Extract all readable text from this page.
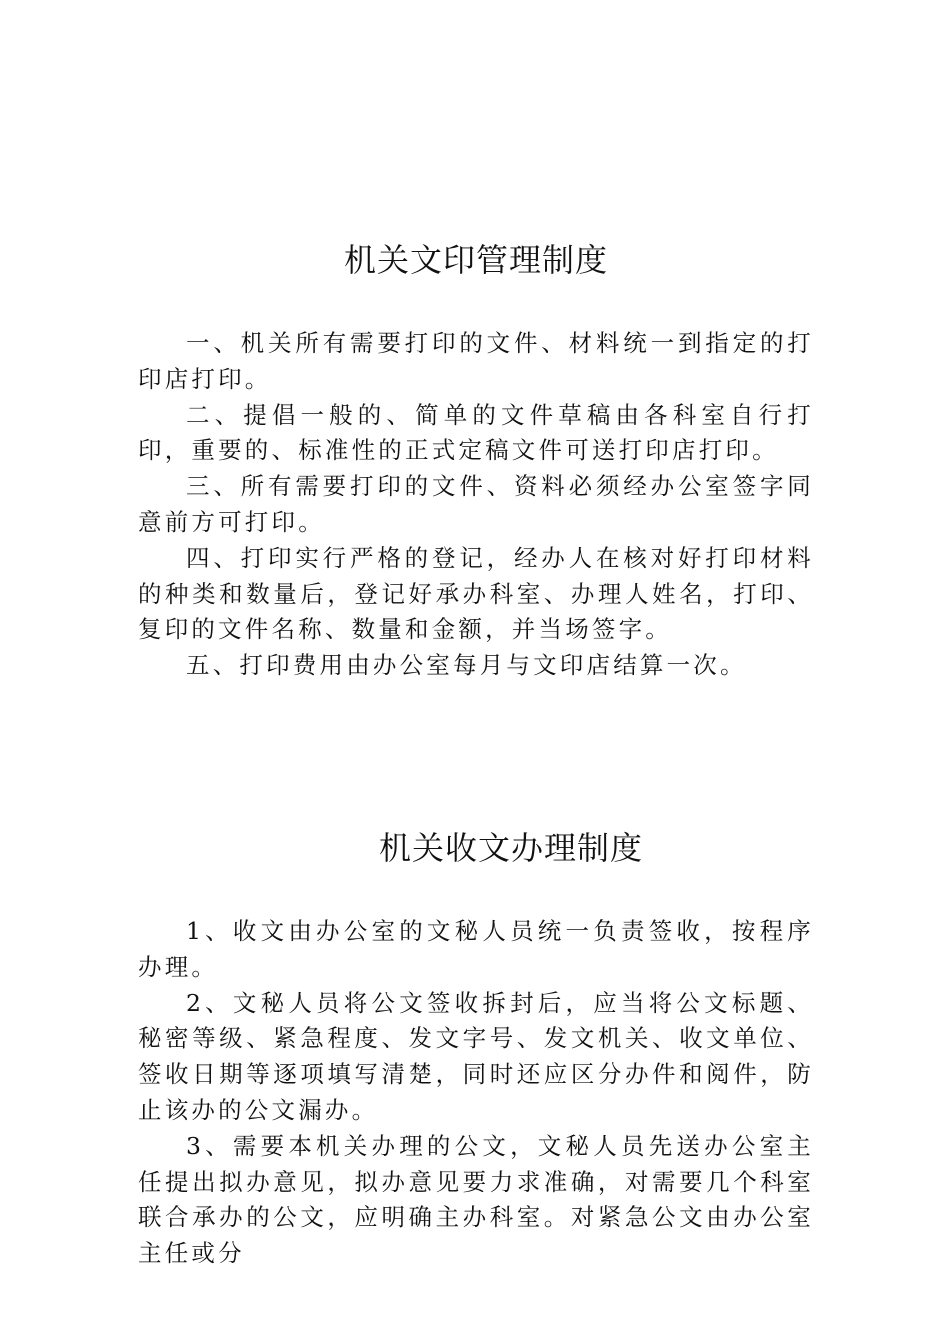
机关文印管理制度

一、机关所有需要打印的文件、材料统一到指定的打印店打印。

二、提倡一般的、简单的文件草稿由各科室自行打印，重要的、标准性的正式定稿文件可送打印店打印。

三、所有需要打印的文件、资料必须经办公室签字同意前方可打印。

四、打印实行严格的登记，经办人在核对好打印材料的种类和数量后，登记好承办科室、办理人姓名，打印、复印的文件名称、数量和金额，并当场签字。

五、打印费用由办公室每月与文印店结算一次。

机关收文办理制度

1、收文由办公室的文秘人员统一负责签收，按程序办理。

2、文秘人员将公文签收拆封后，应当将公文标题、秘密等级、紧急程度、发文字号、发文机关、收文单位、签收日期等逐项填写清楚，同时还应区分办件和阅件，防止该办的公文漏办。

3、需要本机关办理的公文，文秘人员先送办公室主任提出拟办意见，拟办意见要力求准确，对需要几个科室联合承办的公文，应明确主办科室。对紧急公文由办公室主任或分
